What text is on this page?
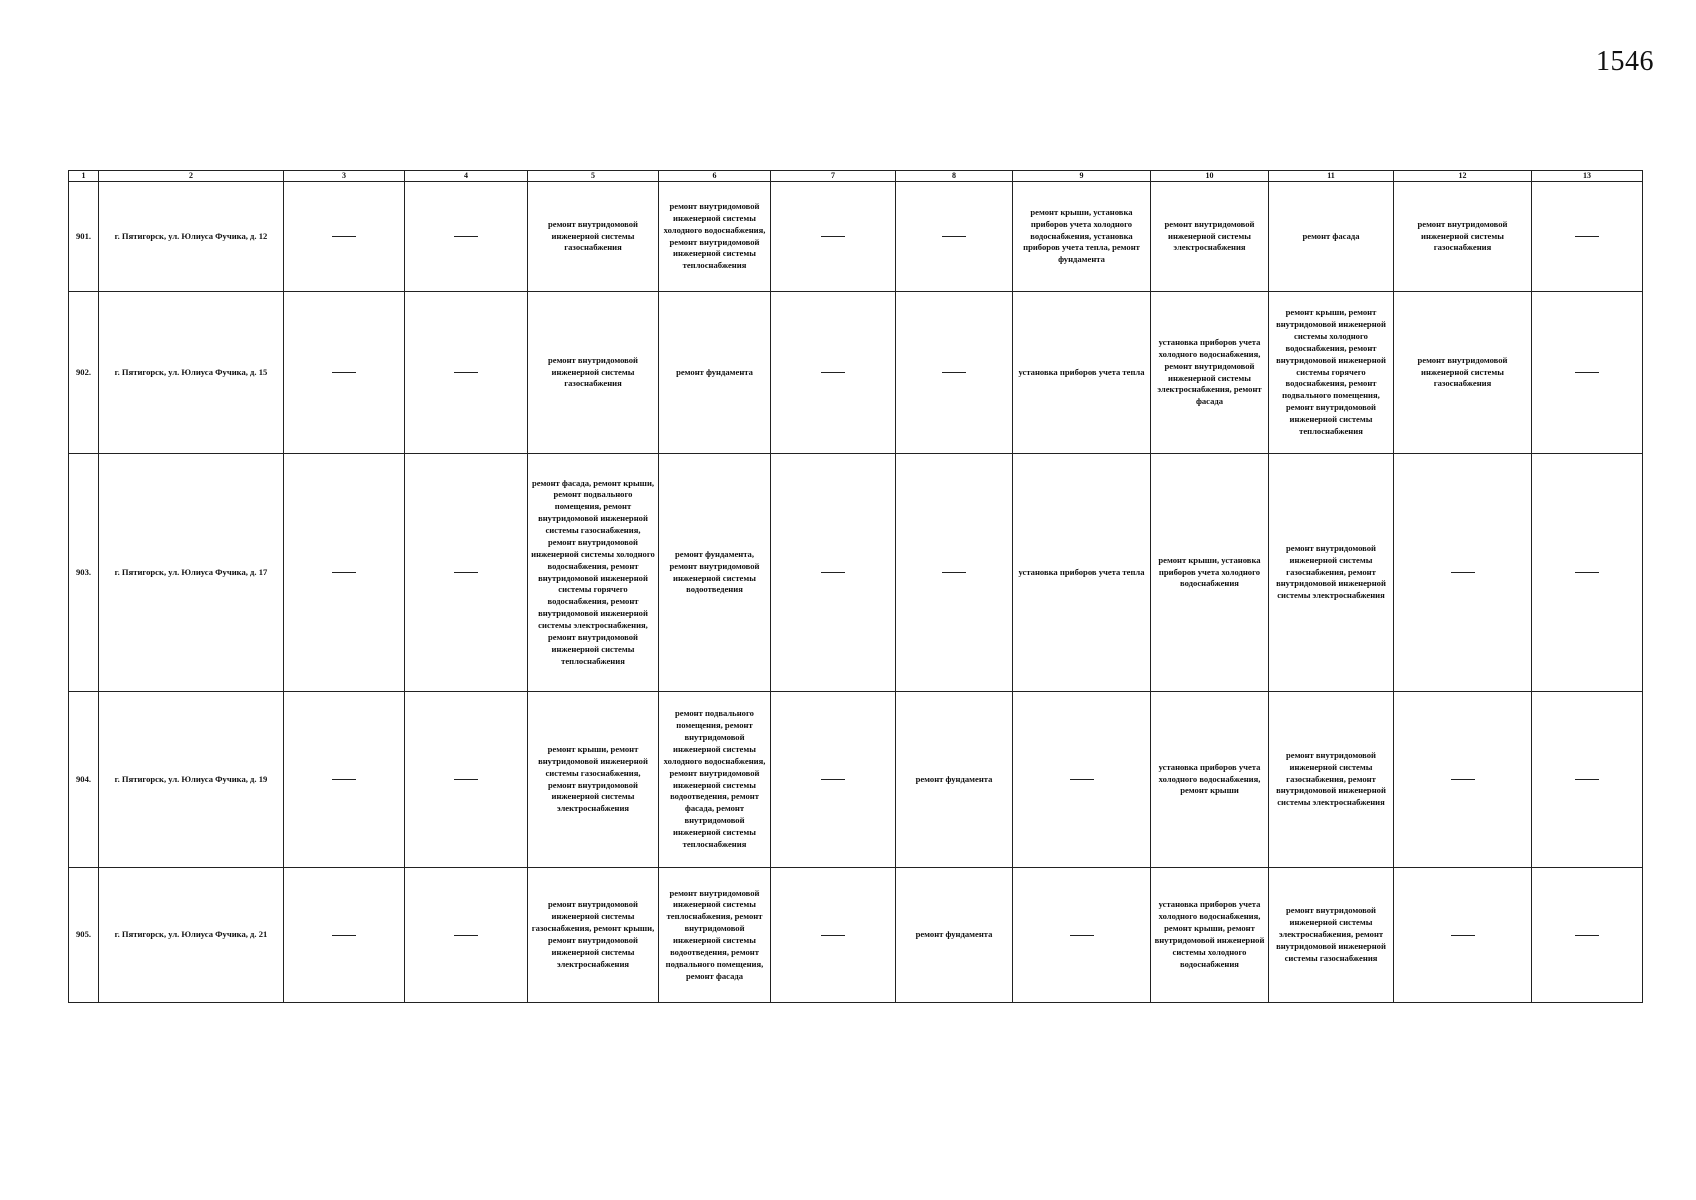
1546
1	2	3	4	5	6	7	8	9	10	11	12	13
901.	г. Пятигорск, ул. Юлиуса Фучика, д. 12			ремонт внутридомовой инженерной системы газоснабжения	ремонт внутридомовой инженерной системы холодного водоснабжения, ремонт внутридомовой инженерной системы теплоснабжения			ремонт крыши, установка приборов учета холодного водоснабжения, установка приборов учета тепла, ремонт фундамента	ремонт внутридомовой инженерной системы электроснабжения	ремонт фасада	ремонт внутридомовой инженерной системы газоснабжения	
902.	г. Пятигорск, ул. Юлиуса Фучика, д. 15			ремонт внутридомовой инженерной системы газоснабжения	ремонт фундамента			установка приборов учета тепла	установка приборов учета холодного водоснабжения, ремонт внутридомовой инженерной системы электроснабжения, ремонт фасада	ремонт крыши, ремонт внутридомовой инженерной системы холодного водоснабжения, ремонт внутридомовой инженерной системы горячего водоснабжения, ремонт подвального помещения, ремонт внутридомовой инженерной системы теплоснабжения	ремонт внутридомовой инженерной системы газоснабжения	
903.	г. Пятигорск, ул. Юлиуса Фучика, д. 17			ремонт фасада, ремонт крыши, ремонт подвального помещения, ремонт внутридомовой инженерной системы газоснабжения, ремонт внутридомовой инженерной системы холодного водоснабжения, ремонт внутридомовой инженерной системы горячего водоснабжения, ремонт внутридомовой инженерной системы электроснабжения, ремонт внутридомовой инженерной системы теплоснабжения	ремонт фундамента, ремонт внутридомовой инженерной системы водоотведения			установка приборов учета тепла	ремонт крыши, установка приборов учета холодного водоснабжения	ремонт внутридомовой инженерной системы газоснабжения, ремонт внутридомовой инженерной системы электроснабжения		
904.	г. Пятигорск, ул. Юлиуса Фучика, д. 19			ремонт крыши, ремонт внутридомовой инженерной системы газоснабжения, ремонт внутридомовой инженерной системы электроснабжения	ремонт подвального помещения, ремонт внутридомовой инженерной системы холодного водоснабжения, ремонт внутридомовой инженерной системы водоотведения, ремонт фасада, ремонт внутридомовой инженерной системы теплоснабжения		ремонт фундамента		установка приборов учета холодного водоснабжения, ремонт крыши	ремонт внутридомовой инженерной системы газоснабжения, ремонт внутридомовой инженерной системы электроснабжения		
905.	г. Пятигорск, ул. Юлиуса Фучика, д. 21			ремонт внутридомовой инженерной системы газоснабжения, ремонт крыши, ремонт внутридомовой инженерной системы электроснабжения	ремонт внутридомовой инженерной системы теплоснабжения, ремонт внутридомовой инженерной системы водоотведения, ремонт подвального помещения, ремонт фасада		ремонт фундамента		установка приборов учета холодного водоснабжения, ремонт крыши, ремонт внутридомовой инженерной системы холодного водоснабжения	ремонт внутридомовой инженерной системы электроснабжения, ремонт внутридомовой инженерной системы газоснабжения		
